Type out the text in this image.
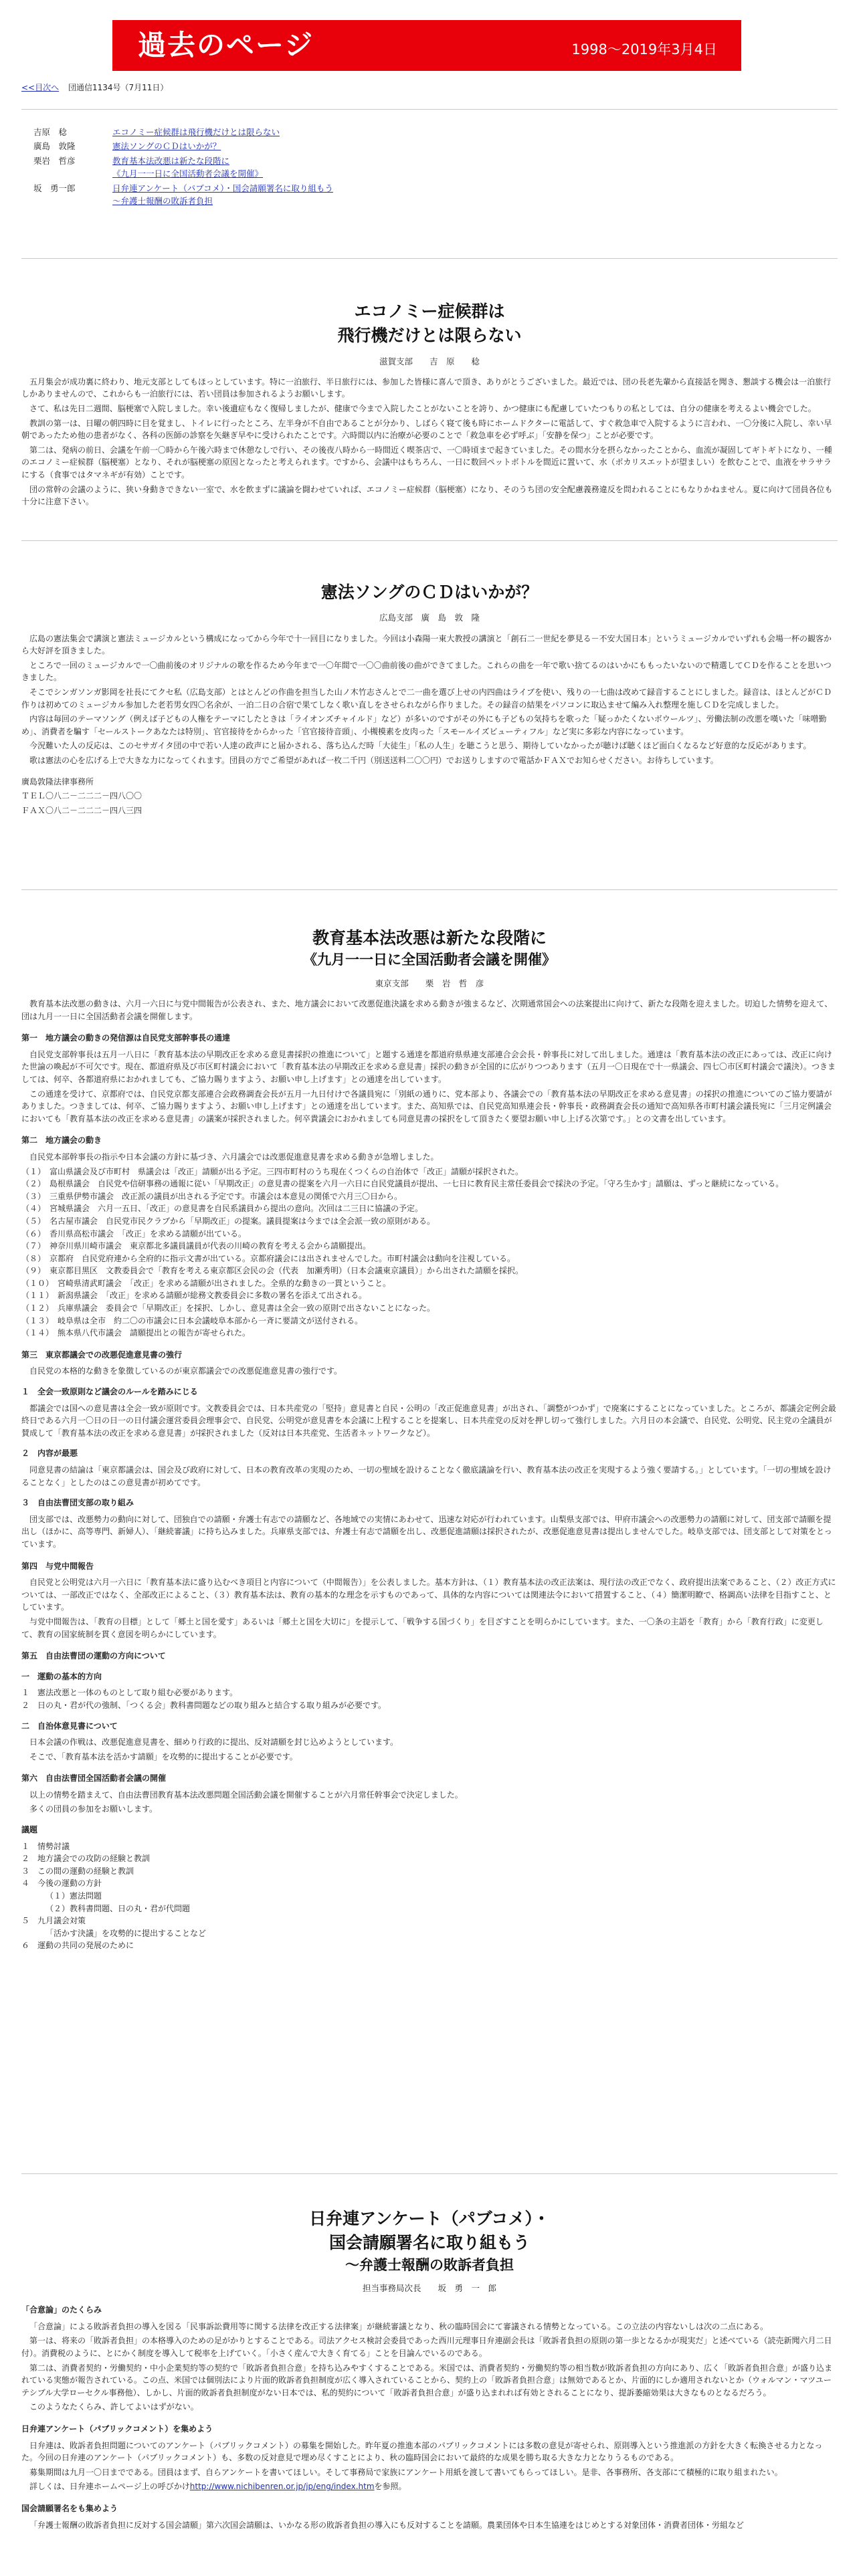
過去のページ	1998～2019年3月4日
<<目次へ 団通信1134号（7月11日）
吉原　稔	エコノミー症候群は飛行機だけとは限らない
廣島　敦隆	憲法ソングのＣＤはいかが？
栗岩　哲彦	教育基本法改悪は新たな段階に
《九月一一日に全国活動者会議を開催》
坂　勇一郎	日弁連アンケート（パブコメ）・国会請願署名に取り組もう
～弁護士報酬の敗訴者負担
エコノミー症候群は
飛行機だけとは限らない
滋賀支部　　吉　原　　稔

五月集会が成功裏に終わり、地元支部としてもほっとしています。特に一泊旅行、半日旅行には、参加した皆様に喜んで頂き、ありがとうございました。最近では、団の長老先輩から直接話を聞き、懇談する機会は一泊旅行しかありませんので、これからも一泊旅行には、若い団員は参加されるようお願いします。

さて、私は先日二週間、脳梗塞で入院しました。幸い後遺症もなく復帰しましたが、健康で今まで入院したことがないことを誇り、かつ健康にも配慮していたつもりの私としては、自分の健康を考えるよい機会でした。

教訓の第一は、日曜の朝四時に目を覚まし、トイレに行ったところ、左半身が不自由であることが分かり、しばらく寝て後も時にホームドクターに電話して、すぐ救急車で入院するように言われ、一〇分後に入院し、幸い早朝であったため他の患者がなく、各科の医師の診察を矢継ぎ早やに受けられたことです。六時間以内に治療が必要のことで「救急車を必ず呼ぶ」「安静を保つ」ことが必要です。

第二は、発病の前日、会議を午前一〇時から午後六時まで休憩なしで行い、その後夜八時から一時間近く喫茶店で、一〇時頃まで起きていました。その間水分を摂らなかったことから、血流が凝固してギトギトになり、一種のエコノミー症候群（脳梗塞）となり、それが脳梗塞の原因となったと考えられます。ですから、会議中はもちろん、一日に数回ペットボトルを間近に置いて、水（ポカリスエットが望ましい）を飲むことで、血液をサラサラにする（食事ではタマネギが有効）ことです。

団の常幹の会議のように、狭い身動きできない一室で、水を飲まずに議論を闘わせていれば、エコノミー症候群（脳梗塞）になり、そのうち団の安全配慮義務違反を問われることにもなりかねません。夏に向けて団員各位も十分に注意下さい。

憲法ソングのＣＤはいかが？
広島支部　廣　島　敦　隆

広島の憲法集会で講演と憲法ミュージカルという構成になってから今年で十一回目になりました。今回は小森陽一東大教授の講演と「創石二一世紀を夢見る－不安大国日本」というミュージカルでいずれも会場一杯の観客から大好評を頂きました。

ところで一回のミュージカルで一〇曲前後のオリジナルの歌を作るため今年まで一〇年間で一〇〇曲前後の曲ができてました。これらの曲を一年で歌い捨てるのはいかにももったいないので精選してＣＤを作ることを思いつきました。

そこでシンガソンガ影岡を社長にてクセ私（広島支部）とはとんどの作曲を担当した山ノ木竹志さんとで二一曲を選び上せの内四曲はライブを使い、残りの一七曲は改めて録音することにしました。録音は、ほとんどがＣＤ作りは初めてのミュージカル参加した老若男女四〇名余が、一泊二日の合宿で果てしなく歌い直しをさせられながら作りました。その録音の結果をパソコンに取込ませて編み入れ整理を施しＣＤを完成しました。

内容は毎回のテーマソング（例えば子どもの人権をテーマにしたときは「ライオンズチャイルド」など）が多いのですがその外にも子どもの気持ちを歌った「疑っかたくないボウールツ」、労働法制の改悪を嘆いた「味噌勤め」、消費者を騙す「セールストークあなたは特別」、官官接待をからかった「官官接待音頭」、小槻模素を皮肉った「スモールイズビューティフル」など実に多彩な内容になっています。

今況難いた人の反応は、このセサガイタ団の中で若い人達の政声にと届かされる、落ち込んだ時「大徒生」「私の人生」を聴こうと思う、期待していなかったが聴けば聴くほど面白くなるなど好意的な反応があります。

歌は憲法の心を広げる上で大きな力になってくれます。団員の方でご希望があれば一枚二千円（別送送料二〇〇円）でお送りしますので電話かＦＡＸでお知らせください。お待ちしています。

廣島敦隆法律事務所

ＴＥＬ〇八二－二二二－四八〇〇

ＦＡＸ〇八二－二二二－四八三四

教育基本法改悪は新たな段階に
《九月一一日に全国活動者会議を開催》
東京支部　　栗　岩　哲　彦

教育基本法改悪の動きは、六月一六日に与党中間報告が公表され、また、地方議会において改悪促進決議を求める動きが強まるなど、次期通常国会への法案提出に向けて、新たな段階を迎えました。切迫した情勢を迎えて、団は九月一一日に全国活動者会議を開催します。

第一　地方議会の動きの発信源は自民党支部幹事長の通達

自民党支部幹事長は五月一八日に「教育基本法の早期改正を求める意見書採択の推進について」と題する通達を都道府県県連支部連合会会長・幹事長に対して出しました。通達は「教育基本法の改正にあっては、改正に向けた世論の喚起が不可欠です。現在、都道府県及び市区町村議会において「教育基本法の早期改正を求める意見書」採択の動きが全国的に広がりつつあります（五月一〇日現在で十一県議会、四七〇市区町村議会で議決）。つきましては、何卒、各都道府県におかれましても、ご協力賜りますよう、お願い申し上げます」との通達を出しています。

この通達を受けて、京都府では、自民党京都支部連合会政務調査会長が五月一九日付けで各議員宛に「別紙の通りに、党本部より、各議会での「教育基本法の早期改正を求める意見書」の採択の推進についてのご協力要請がありました。つきましては、何卒、ご協力賜りますよう、お願い申し上げます」との通達を出しています。また、高知県では、自民党高知県連会長・幹事長・政務調査会長の通知で高知県各市町村議会議長宛に「三月定例議会においても「教育基本法の改正を求める意見書」の議案が採択されました。何卒貴議会におかれましても同意見書の採択をして頂きたく要望お願い申し上げる次第です。」との文書を出しています。

第二　地方議会の動き

自民党本部幹事長の指示や日本会議の方針に基づき、六月議会では改悪促進意見書を求める動きが急増しました。

（１）　富山県議会及び市町村　県議会は「改正」請願が出る予定。三四市町村のうち現在くつくらの自治体で「改正」請願が採択された。

（２）　島根県議会　自民党や信研事務の通報に従い「早期改正」の意見書の提案を六月一六日に自民党議員が提出、一七日に教育民主常任委員会で採決の予定。「守ろ生かす」請願は、ずっと継続になっている。

（３）　三重県伊勢市議会　改正派の議員が出される予定です。市議会は本意見の関係で六月三〇日から。

（４）　宮城県議会　六月一五日、「改正」の意見書を自民系議員から提出の意向。次回は二三日に協議の予定。

（５）　名古屋市議会　自民党市民クラブから「早期改正」の提案。議員提案は今までは全会派一致の原則がある。

（６）　香川県高松市議会　「改正」を求める請願が出ている。

（７）　神奈川県川崎市議会　東京都北多議員議員が代表の川崎の教育を考える会から請願提出。

（８）　京都府　自民党府連から全府的に指示文書が出ている。京都府議会には出されませんでした。市町村議会は動向を注視している。

（９）　東京都目黒区　文教委員会で「教育を考える東京都区会民の会（代表　加瀬秀明）（日本会議東京議員）」から出された請願を採択。

（１０）　宮崎県清武町議会　「改正」を求める請願が出されました。全県的な動きの一貫ということ。

（１１）　新潟県議会　「改正」を求める請願が総務文教委員会に多数の署名を添えて出される。

（１２）　兵庫県議会　委員会で「早期改正」を採択、しかし、意見書は全会一致の原則で出さないことになった。

（１３）　岐阜県は全市　約二〇の市議会に日本会議岐阜本部から一斉に要請文が送付される。

（１４）　熊本県八代市議会　請願提出との報告が寄せられた。

第三　東京都議会での改悪促進意見書の強行

自民党の本格的な動きを象徴しているのが東京都議会での改悪促進意見書の強行です。

１　全会一致原則など議会のルールを踏みにじる

都議会では国への意見書は全会一致が原則です。文教委員会では、日本共産党の「堅持」意見書と自民・公明の「改正促進意見書」が出され、「調整がつかず」で廃案にすることになっていました。ところが、都議会定例会最終日である六月一〇日の日一の日付議会運営委員会理事会で、自民党、公明党が意見書を本会議に上程することを提案し、日本共産党の反対を押し切って強行しました。六月日の本会議で、自民党、公明党、民主党の全議員が賛成して「教育基本法の改正を求める意見書」が採択されました（反対は日本共産党、生活者ネットワークなど）。

２　内容が最悪

同意見書の結論は「東京都議会は、国会及び政府に対して、日本の教育改革の実現のため、一切の聖域を設けることなく徹底議論を行い、教育基本法の改正を実現するよう強く要請する。」としています。「一切の聖域を設けることなく」としたのはこの意見書が初めてです。

３　自由法曹団支部の取り組み

団支部では、改悪勢力の動向に対して、団独自での請願・弁護士有志での請願など、各地域での実情にあわせて、迅速な対応が行われています。山梨県支部では、甲府市議会への改悪勢力の請願に対して、団支部で請願を提出し（ほかに、高等専門、新婦人）、「継続審議」に持ち込みました。兵庫県支部では、弁護士有志で請願を出し、改悪促進請願は採択されたが、改悪促進意見書は提出しませんでした。岐阜支部では、団支部として対策をとっています。

第四　与党中間報告

自民党と公明党は六月一六日に「教育基本法に盛り込むべき項目と内容について（中間報告）」を公表しました。基本方針は、（１）教育基本法の改正法案は、現行法の改正でなく、政府提出法案であること、（２）改正方式については、一部改正ではなく、全部改正によること、（３）教育基本法は、教育の基本的な理念を示すものであって、具体的な内容については関連法令において措置すること、（４）簡潔明瞭で、格調高い法律を目指すこと、としています。

与党中間報告は、「教育の目標」として「郷土と国を愛す」あるいは「郷土と国を大切に」を提示して、「戦争する国づくり」を目ざすことを明らかにしています。また、一〇条の主語を「教育」から「教育行政」に変更して、教育の国家統制を貫く意図を明らかにしています。

第五　自由法曹団の運動の方向について
一　運動の基本的方向

１　憲法改悪と一体のものとして取り組む必要があります。

２　日の丸・君が代の強制、「つくる会」教科書問題などの取り組みと結合する取り組みが必要です。

二　自治体意見書について

日本会議の作戦は、改悪促進意見書を、細めり行政的に提出、反対請願を封じ込めようとしています。

そこで、「教育基本法を活かす請願」を攻勢的に提出することが必要です。

第六　自由法曹団全国活動者会議の開催

以上の情勢を踏まえて、自由法曹団教育基本法改悪問題全国活動会議を開催することが六月常任幹事会で決定しました。

多くの団員の参加をお願いします。

議題

１　情勢討議

２　地方議会での攻防の経験と教訓

３　この間の運動の経験と教訓

４　今後の運動の方針

（１）憲法問題

（２）教科書問題、日の丸・君が代問題

５　九月議会対策

「活かす決議」を攻勢的に提出することなど

６　運動の共同の発展のために

日弁連アンケート（パブコメ）・
国会請願署名に取り組もう
～弁護士報酬の敗訴者負担
担当事務局次長　　坂　勇　一　郎
「合意論」のたくらみ

「合意論」による敗訴者負担の導入を図る「民事訴訟費用等に関する法律を改正する法律案」が継続審議となり、秋の臨時国会にて審議される情勢となっている。この立法の内容ないしは次の二点にある。

第一は、将来の「敗訴者負担」の本格導入のための足がかりとすることである。司法アクセス検討会委員であった西川元理事日弁連副会長は「敗訴者負担の原則の第一歩となるかが現実だ」と述べている（読売新聞六月二日付）。消費税のように、とにかく制度を導入して税率を上げていく。「小さく産んで大きく育てる」ことを目論んでいるのである。

第二は、消費者契約・労働契約・中小企業契約等の契約で「敗訴者負担合意」を持ち込みやすくすることである。米国では、消費者契約・労働契約等の相当数が敗訴者負担の方向にあり、広く「敗訴者負担合意」が盛り込まれている実態が報告されている。この点、米国では個別法により片面的敗訴者負担制度が広く導入されていることから、契約上の「敗訴者負担合意」は無効であるとか、片面的にしか適用されないとか（ウォルマン・マツユーテシブル大学ローセクル事務他）、しかし、片面的敗訴者負担制度がない日本では、私的契約について「敗訴者負担合意」が盛り込まれれば有効とされることになり、提訴萎縮効果は大きなものとなるだろう。

このようなたくらみ、許してよいはずがない。

日弁連アンケート（パブリックコメント）を集めよう

日弁連は、敗訴者負担問題についてのアンケート（パブリックコメント）の募集を開始した。昨年夏の推進本部のパブリックコメントには多数の意見が寄せられ、原則導入という推進派の方針を大きく転換させる力となった。今回の日弁連のアンケート（パブリックコメント）も、多数の反対意見で埋め尽くすことにより、秋の臨時国会において最終的な成果を勝ち取る大きな力となりうるものである。

募集期間は九月一〇日までである。団員はまず、自らアンケートを書いてほしい。そして事務局で家族にアンケート用紙を渡して書いてもらってほしい。是非、各事務所、各支部にて積極的に取り組まれたい。

詳しくは、日弁連ホームページ上の呼びかけhttp://www.nichibenren.or.jp/jp/eng/index.htmを参照。

国会請願署名をも集めよう

「弁護士報酬の敗訴者負担に反対する国会請願」第六次国会請願は、いかなる形の敗訴者負担の導入にも反対することを請願。農業団体や日本生協連をはじめとする対象団体・消費者団体・労組など
